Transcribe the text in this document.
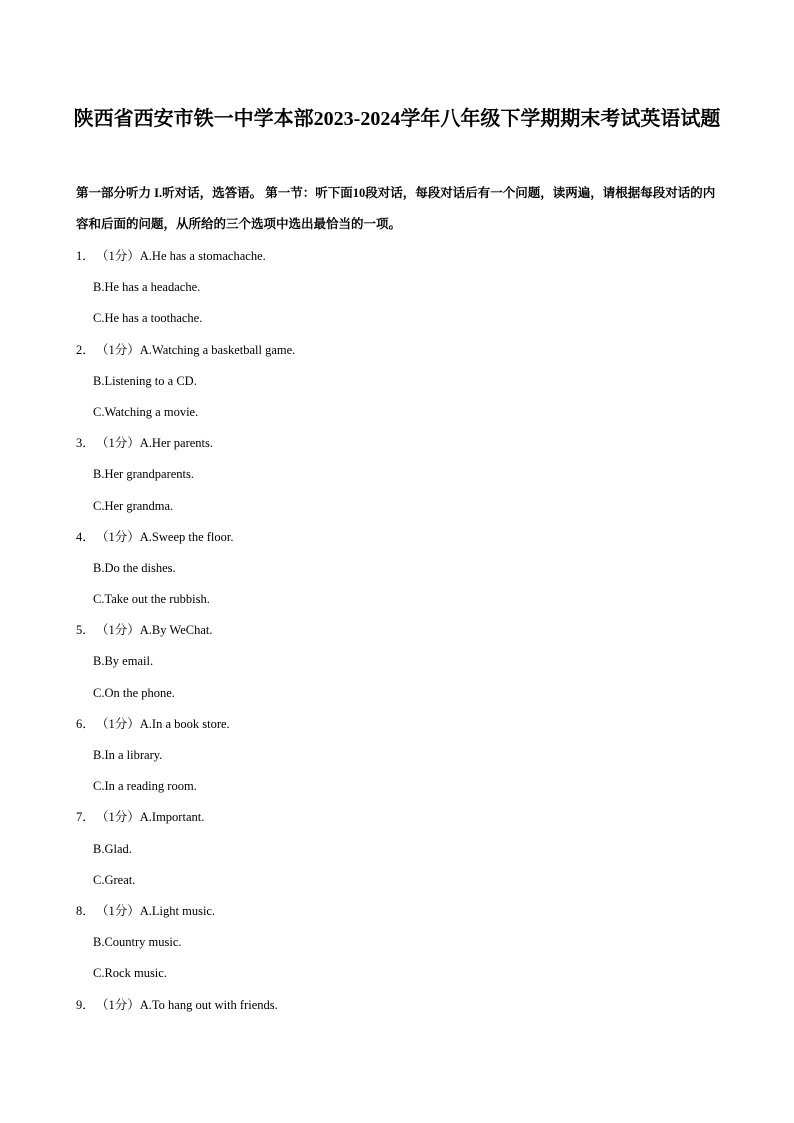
陕西省西安市铁一中学本部2023-2024学年八年级下学期期末考试英语试题
第一部分听力 I.听对话，选答语。 第一节：听下面10段对话，每段对话后有一个问题，读两遍，请根据每段对话的内容和后面的问题，从所给的三个选项中选出最恰当的一项。
1．（1分）A.He has a stomachache.
B.He has a headache.
C.He has a toothache.
2．（1分）A.Watching a basketball game.
B.Listening to a CD.
C.Watching a movie.
3．（1分）A.Her parents.
B.Her grandparents.
C.Her grandma.
4．（1分）A.Sweep the floor.
B.Do the dishes.
C.Take out the rubbish.
5．（1分）A.By WeChat.
B.By email.
C.On the phone.
6．（1分）A.In a book store.
B.In a library.
C.In a reading room.
7．（1分）A.Important.
B.Glad.
C.Great.
8．（1分）A.Light music.
B.Country music.
C.Rock music.
9．（1分）A.To hang out with friends.
